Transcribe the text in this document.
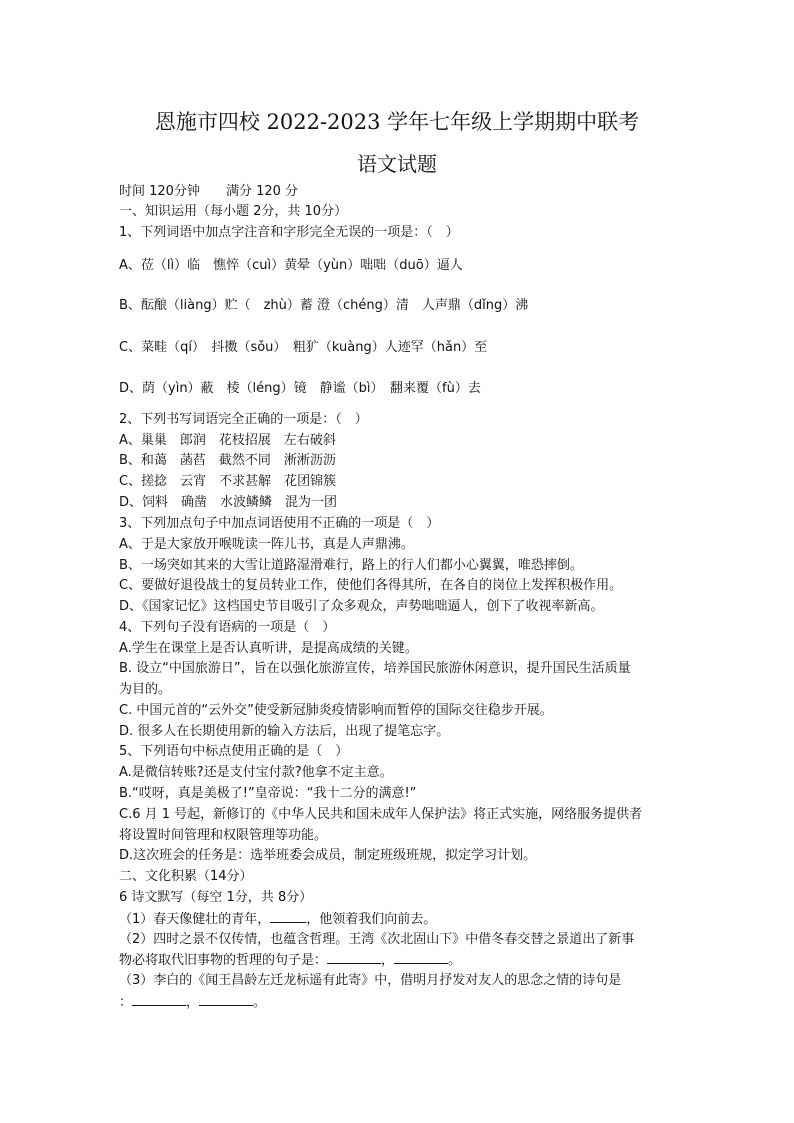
恩施市四校 2022-2023 学年七年级上学期期中联考
语文试题
时间 120分钟　　满分 120 分
一、知识运用（每小题 2分，共 10分）
1、下列词语中加点字注音和字形完全无误的一项是：（　）
A、莅（lì）临　憔悴（cuì）黄晕（yùn）咄咄（duō）逼人
B、酝酿（liàng）贮（　zhù）蓄 澄（chéng）清　人声鼎（dǐng）沸
C、菜畦（qí）　抖擞（sǒu）　粗犷（kuàng）人迹罕（hǎn）至
D、荫（yìn）蔽　棱（léng）镜　静谧（bì）　翻来覆（fù）去
2、下列书写词语完全正确的一项是：（　）
A、巢巢　郎润　花枝招展　左右破斜
B、和蔼　菡萏　截然不同　淅淅沥沥
C、搓捻　云宵　不求甚解　花团锦簇
D、饲料　确凿　水波鳞鳞　混为一团
3、下列加点句子中加点词语使用不正确的一项是（　）
A、于是大家放开喉咙读一阵儿书，真是人声鼎沸。
B、一场突如其来的大雪让道路湿滑难行，路上的行人们都小心翼翼，唯恐摔倒。
C、要做好退役战士的复员转业工作，使他们各得其所，在各自的岗位上发挥积极作用。
D、《国家记忆》这档国史节目吸引了众多观众，声势咄咄逼人，创下了收视率新高。
4、下列句子没有语病的一项是（　）
A.学生在课堂上是否认真听讲，是提高成绩的关键。
B. 设立“中国旅游日”，旨在以强化旅游宣传，培养国民旅游休闲意识，提升国民生活质量
为目的。
C. 中国元首的“云外交”使受新冠肺炎疫情影响而暂停的国际交往稳步开展。
D. 很多人在长期使用新的输入方法后，出现了提笔忘字。
5、下列语句中标点使用正确的是（　）
A.是微信转账?还是支付宝付款?他拿不定主意。
B.“哎呀，真是美极了!”皇帝说：“我十二分的满意!”
C.6 月 1 号起，新修订的《中华人民共和国未成年人保护法》将正式实施，网络服务提供者
将设置时间管理和权限管理等功能。
D.这次班会的任务是：选举班委会成员，制定班级班规，拟定学习计划。
二、文化积累（14分）
6 诗文默写（每空 1分，共 8分）
（1）春天像健壮的青年，	，他领着我们向前去。
（2）四时之景不仅传情，也蕴含哲理。王湾《次北固山下》中借冬春交替之景道出了新事
物必将取代旧事物的哲理的句子是：	，	。
（3）李白的《闻王昌龄左迁龙标遥有此寄》中，借明月抒发对友人的思念之情的诗句是
：	，	。
